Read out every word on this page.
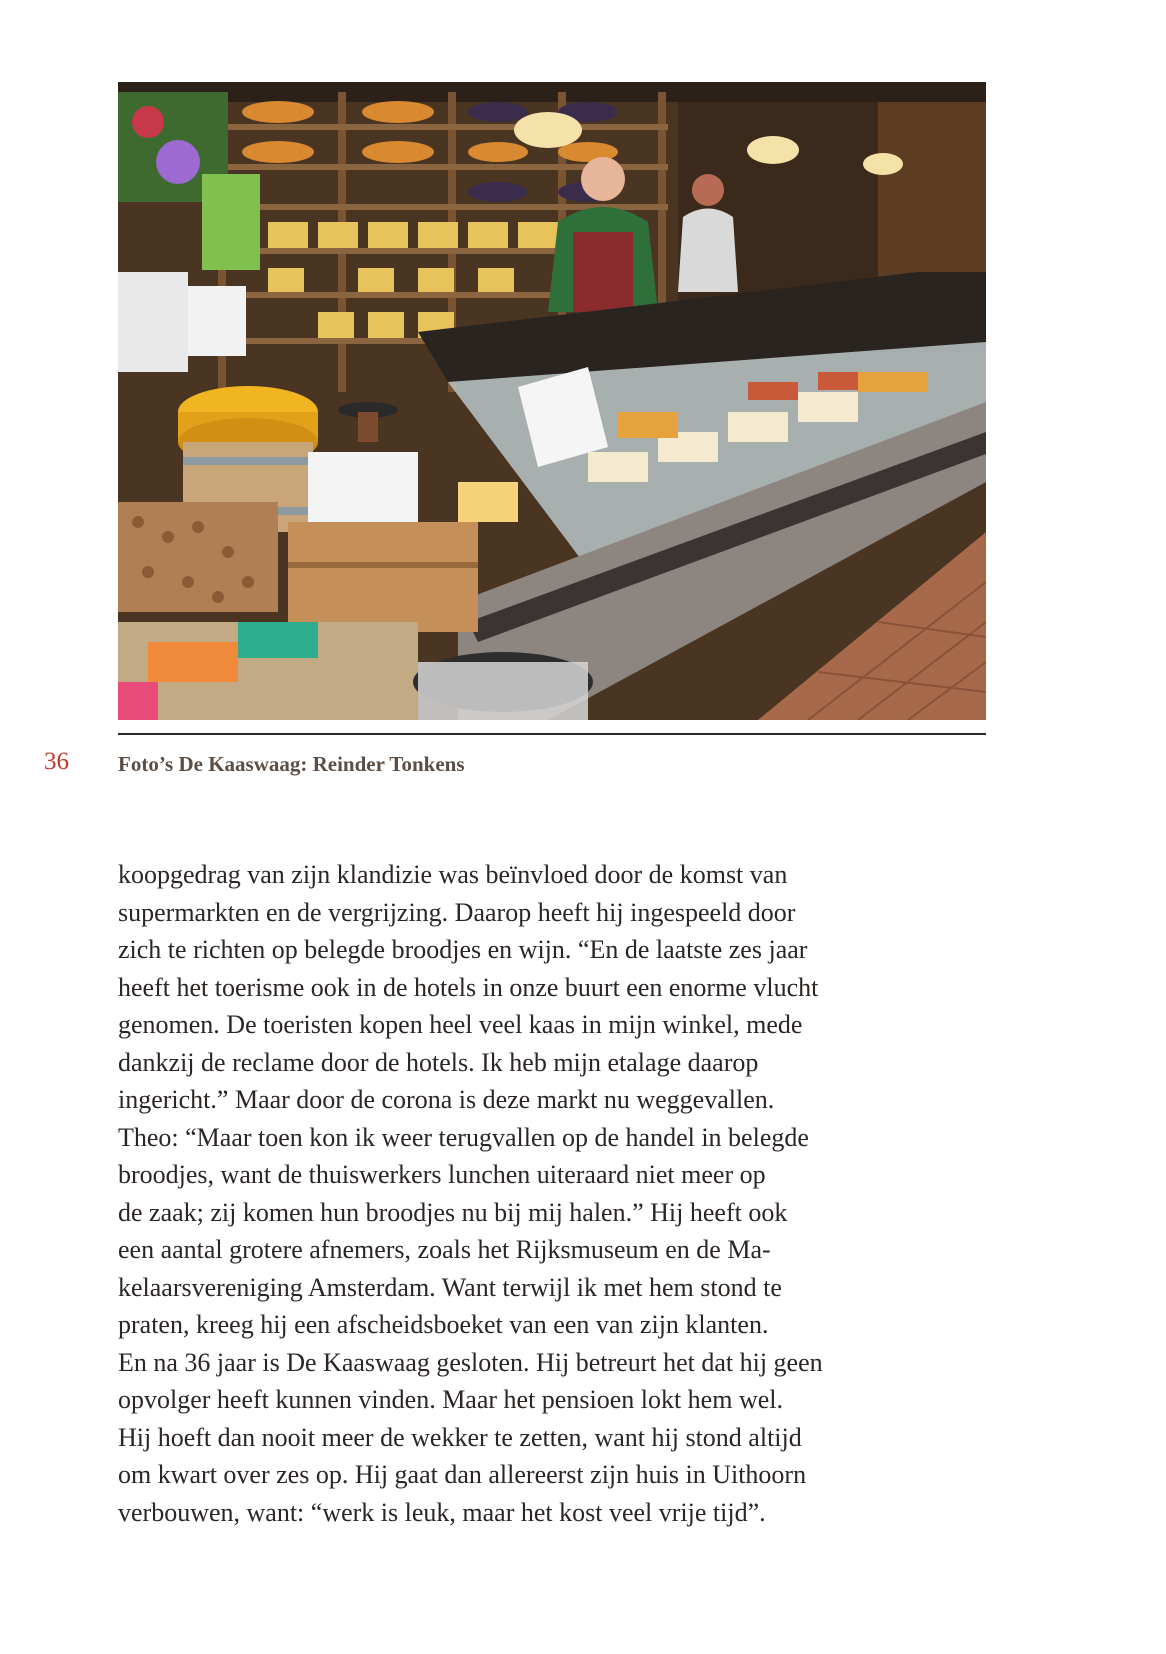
36 Foto’s De Kaaswaag: Reinder Tonkens
koopgedrag van zijn klandizie was beïnvloed door de komst van
supermarkten en de vergrijzing. Daarop heeft hij ingespeeld door
zich te richten op belegde broodjes en wijn. “En de laatste zes jaar
heeft het toerisme ook in de hotels in onze buurt een enorme vlucht
genomen. De toeristen kopen heel veel kaas in mijn winkel, mede
dankzij de reclame door de hotels. Ik heb mijn etalage daarop
ingericht.” Maar door de corona is deze markt nu weggevallen.
Theo: “Maar toen kon ik weer terugvallen op de handel in belegde
broodjes, want de thuiswerkers lunchen uiteraard niet meer op
de zaak; zij komen hun broodjes nu bij mij halen.” Hij heeft ook
een aantal grotere afnemers, zoals het Rijksmuseum en de Ma-
kelaarsvereniging Amsterdam. Want terwijl ik met hem stond te
praten, kreeg hij een afscheidsboeket van een van zijn klanten.
En na 36 jaar is De Kaaswaag gesloten. Hij betreurt het dat hij geen
opvolger heeft kunnen vinden. Maar het pensioen lokt hem wel.
Hij hoeft dan nooit meer de wekker te zetten, want hij stond altijd
om kwart over zes op. Hij gaat dan allereerst zijn huis in Uithoorn
verbouwen, want: “werk is leuk, maar het kost veel vrije tijd”.
